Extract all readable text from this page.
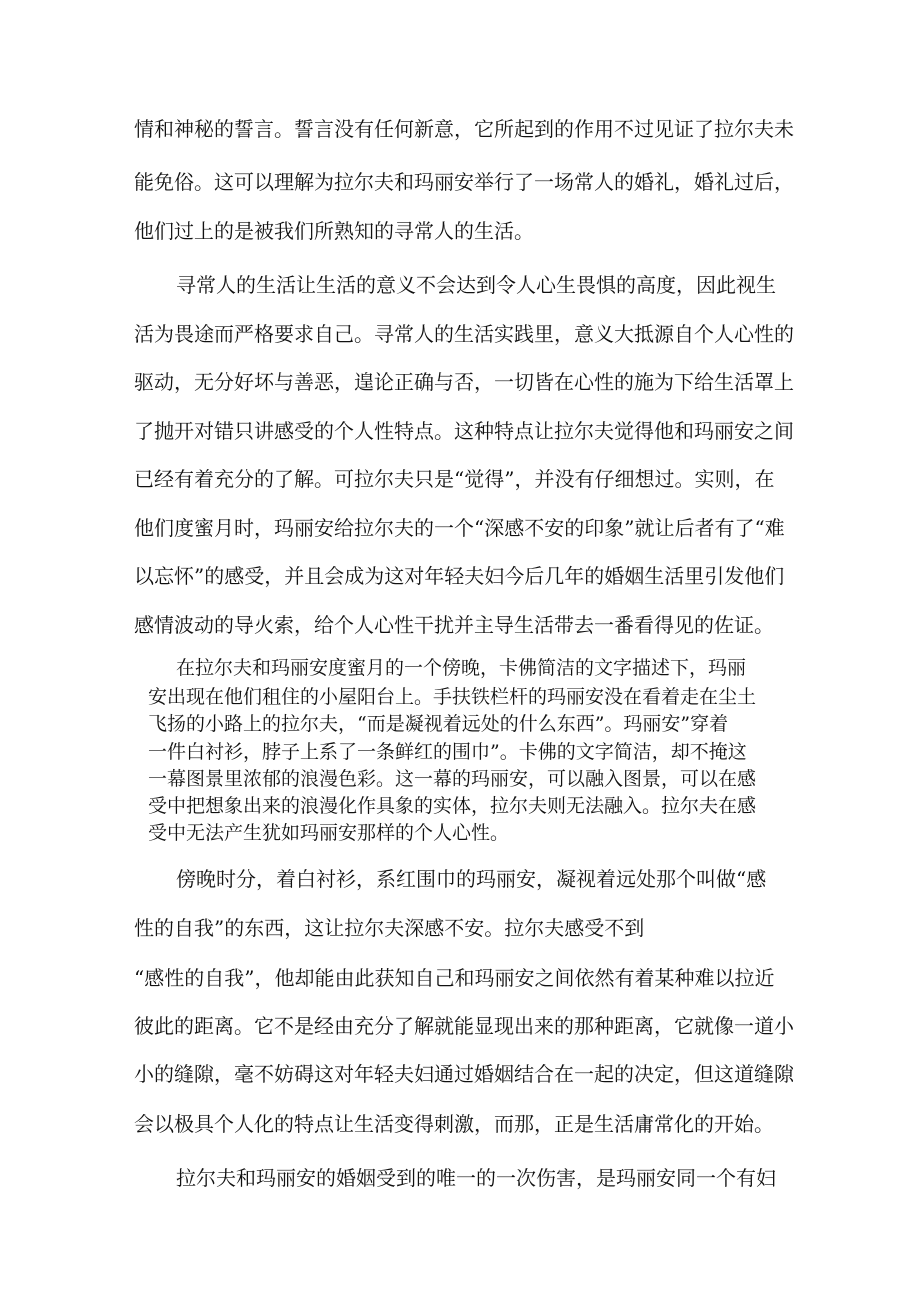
情和神秘的誓言。誓言没有任何新意，它所起到的作用不过见证了拉尔夫未
能免俗。这可以理解为拉尔夫和玛丽安举行了一场常人的婚礼，婚礼过后，
他们过上的是被我们所熟知的寻常人的生活。
寻常人的生活让生活的意义不会达到令人心生畏惧的高度，因此视生
活为畏途而严格要求自己。寻常人的生活实践里，意义大抵源自个人心性的
驱动，无分好坏与善恶，遑论正确与否，一切皆在心性的施为下给生活罩上
了抛开对错只讲感受的个人性特点。这种特点让拉尔夫觉得他和玛丽安之间
已经有着充分的了解。可拉尔夫只是“觉得”，并没有仔细想过。实则，在
他们度蜜月时，玛丽安给拉尔夫的一个“深感不安的印象”就让后者有了“难
以忘怀”的感受，并且会成为这对年轻夫妇今后几年的婚姻生活里引发他们
感情波动的导火索，给个人心性干扰并主导生活带去一番看得见的佐证。
在拉尔夫和玛丽安度蜜月的一个傍晚，卡佛简洁的文字描述下，玛丽
安出现在他们租住的小屋阳台上。手扶铁栏杆的玛丽安没在看着走在尘土
飞扬的小路上的拉尔夫，“而是凝视着远处的什么东西”。玛丽安”穿着
一件白衬衫，脖子上系了一条鲜红的围巾”。卡佛的文字简洁，却不掩这
一幕图景里浓郁的浪漫色彩。这一幕的玛丽安，可以融入图景，可以在感
受中把想象出来的浪漫化作具象的实体，拉尔夫则无法融入。拉尔夫在感
受中无法产生犹如玛丽安那样的个人心性。
傍晚时分，着白衬衫，系红围巾的玛丽安，凝视着远处那个叫做“感
性的自我”的东西，这让拉尔夫深感不安。拉尔夫感受不到
“感性的自我”，他却能由此获知自己和玛丽安之间依然有着某种难以拉近
彼此的距离。它不是经由充分了解就能显现出来的那种距离，它就像一道小
小的缝隙，毫不妨碍这对年轻夫妇通过婚姻结合在一起的决定，但这道缝隙
会以极具个人化的特点让生活变得刺激，而那，正是生活庸常化的开始。
拉尔夫和玛丽安的婚姻受到的唯一的一次伤害，是玛丽安同一个有妇
